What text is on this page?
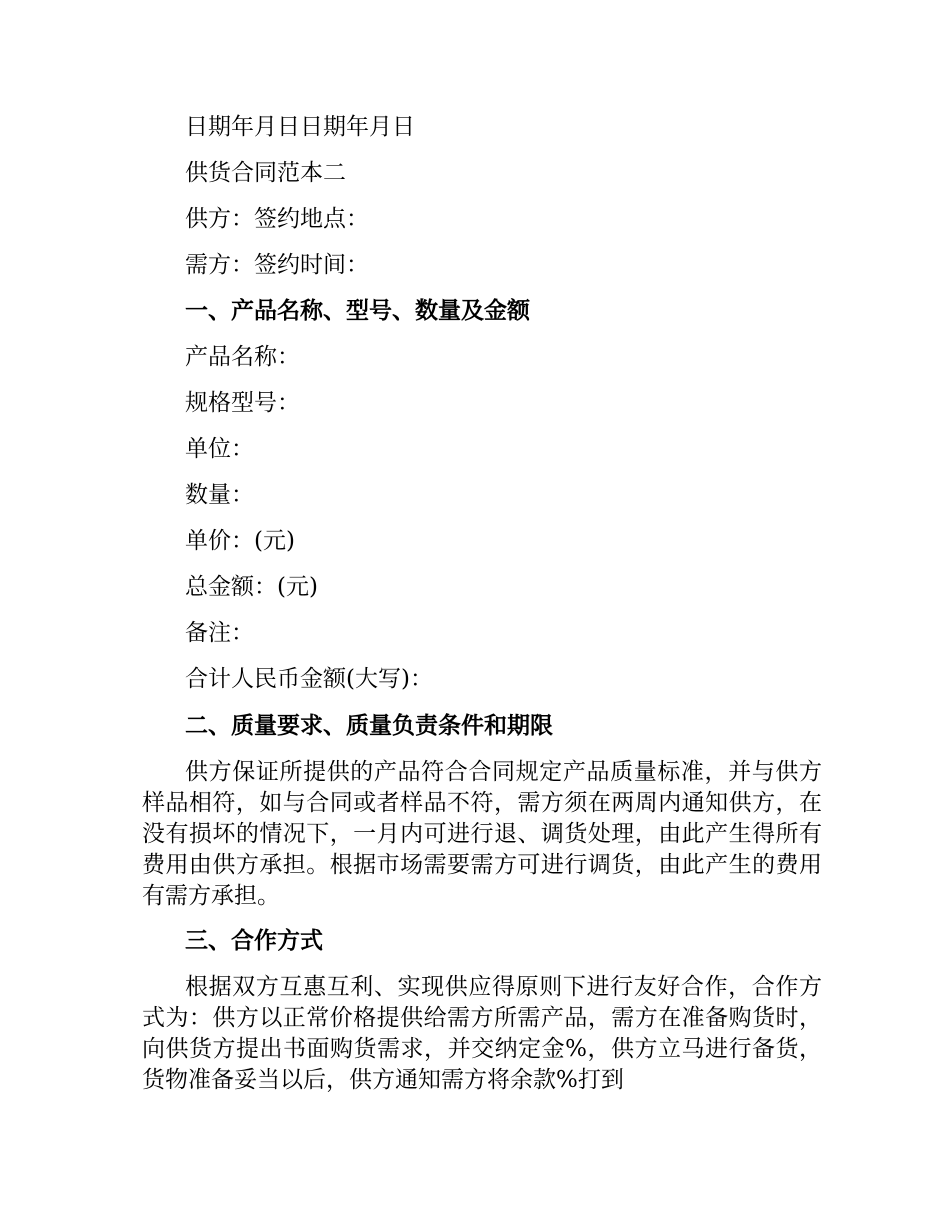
日期年月日日期年月日
供货合同范本二
供方：签约地点：
需方：签约时间：
一、产品名称、型号、数量及金额
产品名称：
规格型号：
单位：
数量：
单价：(元)
总金额：(元)
备注：
合计人民币金额(大写)：
二、质量要求、质量负责条件和期限
供方保证所提供的产品符合合同规定产品质量标准，并与供方样品相符，如与合同或者样品不符，需方须在两周内通知供方，在没有损坏的情况下，一月内可进行退、调货处理，由此产生得所有费用由供方承担。根据市场需要需方可进行调货，由此产生的费用有需方承担。
三、合作方式
根据双方互惠互利、实现供应得原则下进行友好合作，合作方式为：供方以正常价格提供给需方所需产品，需方在准备购货时，向供货方提出书面购货需求，并交纳定金%，供方立马进行备货，货物准备妥当以后，供方通知需方将余款%打到
